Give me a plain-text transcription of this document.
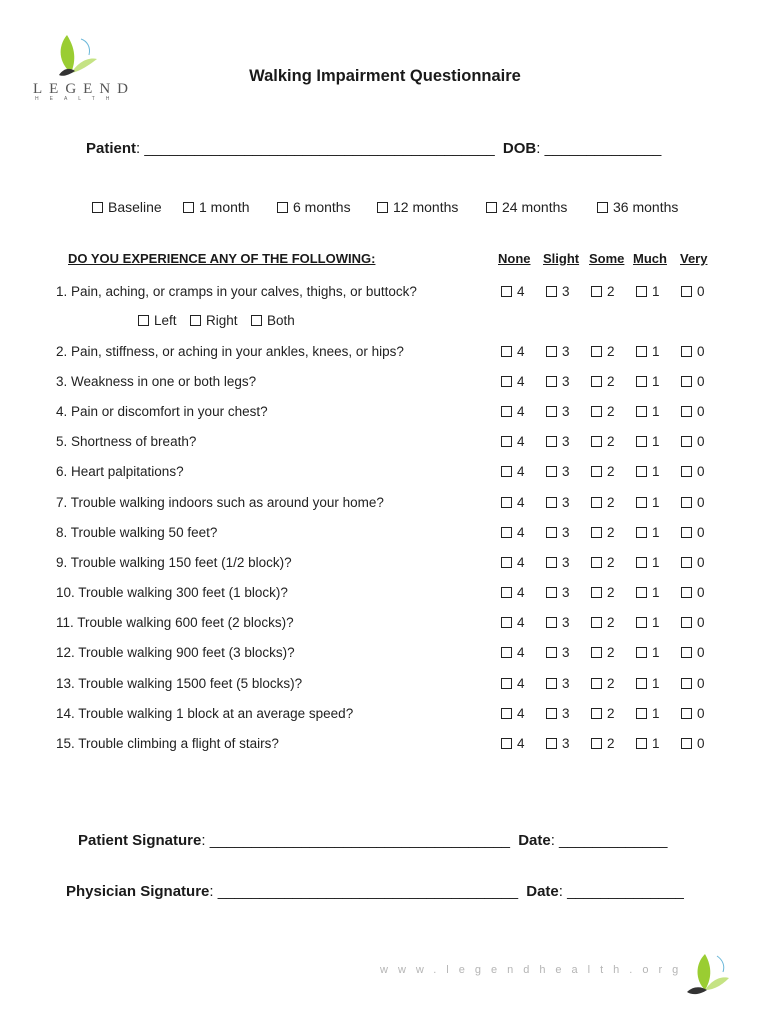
LEGEND
HEALTH
Walking Impairment Questionnaire
Patient: __________________________________________ DOB: ______________
Baseline	1 month	6 months	12 months	24 months	36 months
DO YOU EXPERIENCE ANY OF THE FOLLOWING:	None Slight Some Much Very
1. Pain, aching, or cramps in your calves, thighs, or buttock?	4	3	2	1	0
2. Pain, stiffness, or aching in your ankles, knees, or hips?	4	3	2	1	0
3. Weakness in one or both legs?	4	3	2	1	0
4. Pain or discomfort in your chest?	4	3	2	1	0
5. Shortness of breath?	4	3	2	1	0
6. Heart palpitations?	4	3	2	1	0
7. Trouble walking indoors such as around your home?	4	3	2	1	0
8. Trouble walking 50 feet?	4	3	2	1	0
9. Trouble walking 150 feet (1/2 block)?	4	3	2	1	0
10. Trouble walking 300 feet (1 block)?	4	3	2	1	0
11. Trouble walking 600 feet (2 blocks)?	4	3	2	1	0
12. Trouble walking 900 feet (3 blocks)?	4	3	2	1	0
13. Trouble walking 1500 feet (5 blocks)?	4	3	2	1	0
14. Trouble walking 1 block at an average speed?	4	3	2	1	0
15. Trouble climbing a flight of stairs?	4	3	2	1	0
Left	Right	Both
Patient Signature: ____________________________________ Date: _____________
Physician Signature: ____________________________________ Date: ______________
www.legendhealth.org
